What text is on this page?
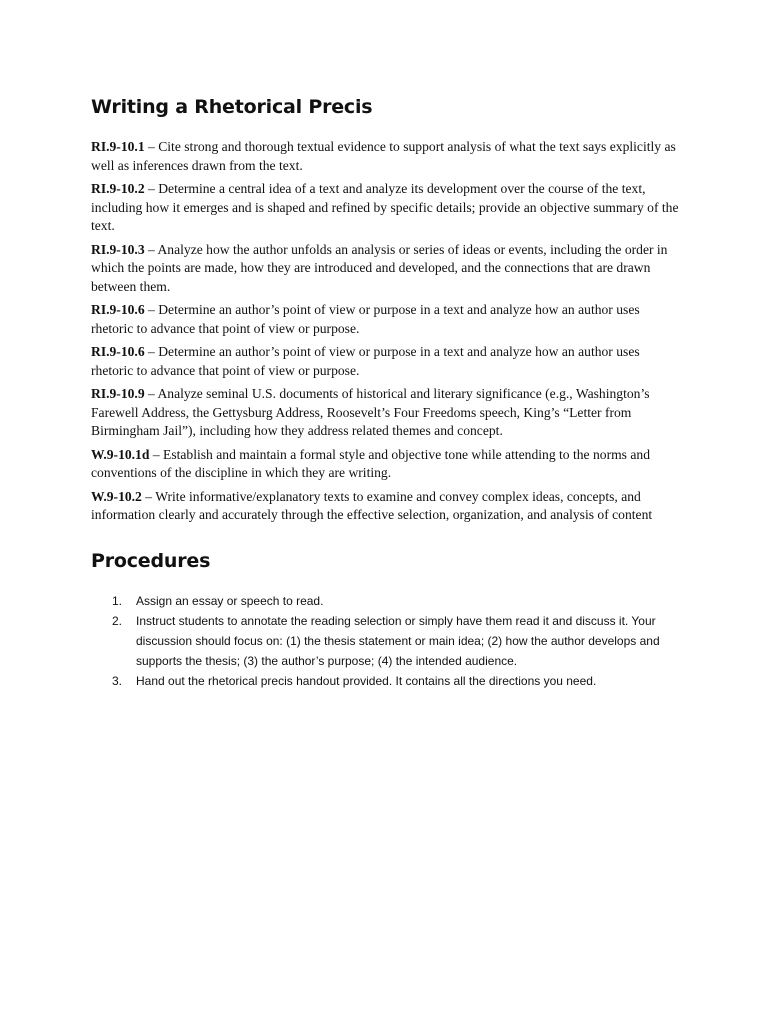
Writing a Rhetorical Precis

RI.9-10.1 – Cite strong and thorough textual evidence to support analysis of what the text says explicitly as well as inferences drawn from the text.

RI.9-10.2 – Determine a central idea of a text and analyze its development over the course of the text, including how it emerges and is shaped and refined by specific details; provide an objective summary of the text.

RI.9-10.3 – Analyze how the author unfolds an analysis or series of ideas or events, including the order in which the points are made, how they are introduced and developed, and the connections that are drawn between them.

RI.9-10.6 – Determine an author’s point of view or purpose in a text and analyze how an author uses rhetoric to advance that point of view or purpose.

RI.9-10.6 – Determine an author’s point of view or purpose in a text and analyze how an author uses rhetoric to advance that point of view or purpose.

RI.9-10.9 – Analyze seminal U.S. documents of historical and literary significance (e.g., Washington’s Farewell Address, the Gettysburg Address, Roosevelt’s Four Freedoms speech, King’s “Letter from Birmingham Jail”), including how they address related themes and concept.

W.9-10.1d – Establish and maintain a formal style and objective tone while attending to the norms and conventions of the discipline in which they are writing.

W.9-10.2 – Write informative/explanatory texts to examine and convey complex ideas, concepts, and information clearly and accurately through the effective selection, organization, and analysis of content

Procedures
1.	Assign an essay or speech to read.
2.	Instruct students to annotate the reading selection or simply have them read it and discuss it. Your discussion should focus on: (1) the thesis statement or main idea; (2) how the author develops and supports the thesis; (3) the author’s purpose; (4) the intended audience.
3.	Hand out the rhetorical precis handout provided. It contains all the directions you need.
